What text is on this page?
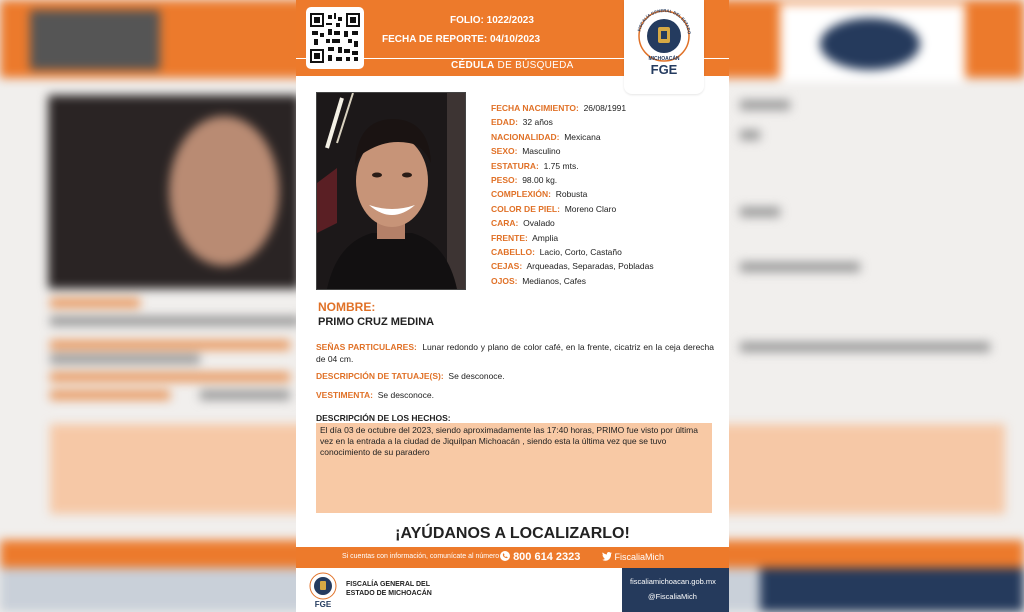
FOLIO: 1022/2023
FECHA DE REPORTE: 04/10/2023
CÉDULA DE BÚSQUEDA
FISCALÍA GENERAL DEL ESTADO
MICHOACÁN
FGE
FECHA NACIMIENTO: 26/08/1991
EDAD: 32 años
NACIONALIDAD: Mexicana
SEXO: Masculino
ESTATURA: 1.75 mts.
PESO: 98.00 kg.
COMPLEXIÓN: Robusta
COLOR DE PIEL: Moreno Claro
CARA: Ovalado
FRENTE: Amplia
CABELLO: Lacio, Corto, Castaño
CEJAS: Arqueadas, Separadas, Pobladas
OJOS: Medianos, Cafes
NOMBRE:
PRIMO CRUZ MEDINA
SEÑAS PARTICULARES: Lunar redondo y plano de color café, en la frente, cicatriz en la ceja derecha de 04 cm.
DESCRIPCIÓN DE TATUAJE(S): Se desconoce.
VESTIMENTA: Se desconoce.
DESCRIPCIÓN DE LOS HECHOS:
El día 03 de octubre del 2023, siendo aproximadamente las 17:40 horas, PRIMO fue visto por última vez en la entrada a la ciudad de Jiquilpan Michoacán , siendo esta la última vez que se tuvo conocimiento de su paradero
¡AYÚDANOS A LOCALIZARLO!
Si cuentas con información, comunícate al número	800 614 2323	FiscaliaMich
FGE
FISCALÍA GENERAL DEL
ESTADO DE MICHOACÁN
fiscaliamichoacan.gob.mx
@FiscaliaMich
